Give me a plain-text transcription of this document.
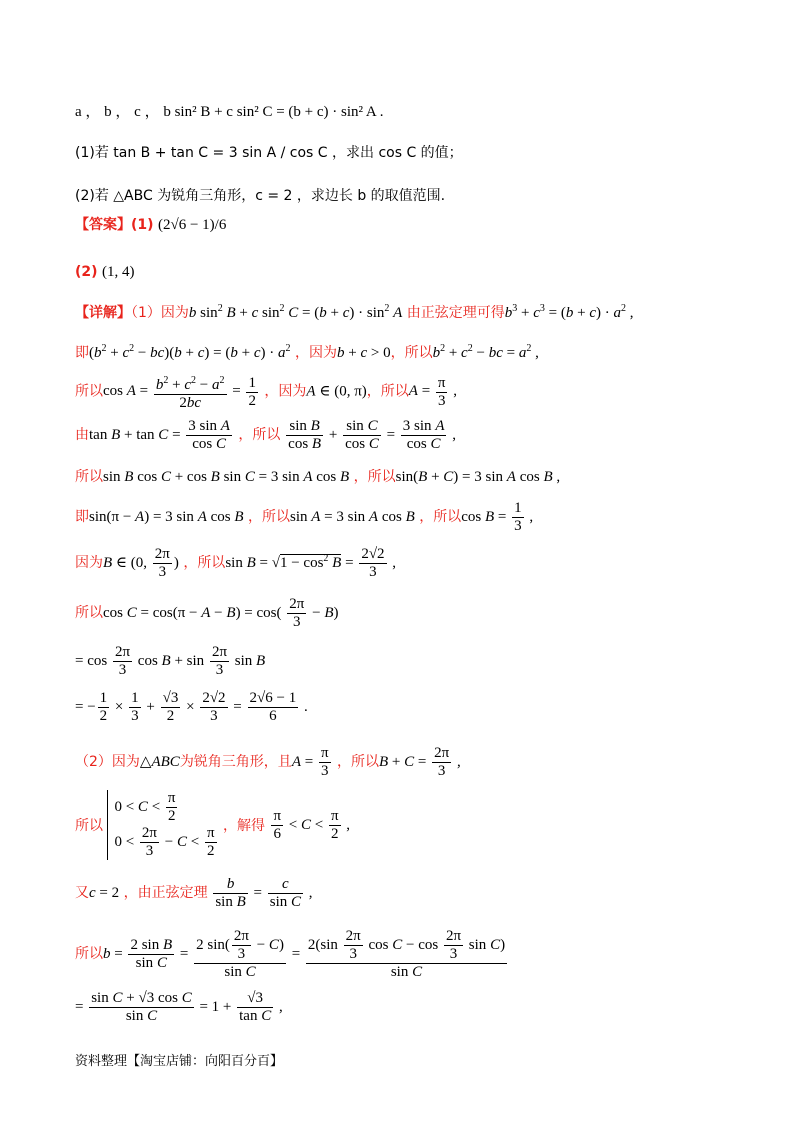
a ， b ， c ， b sin² B + c sin² C = (b + c) · sin² A .
(1)若 tan B + tan C = 3 sin A / cos C ，求出 cos C 的值；
(2)若 △ABC 为锐角三角形，c = 2 ，求边长 b 的取值范围.
【答案】(1) (2√6 − 1)/6
(2) (1, 4)
【详解】（1）因为b $\sin^2 B + c$ $\sin^2 C = (b + c) \cdot \sin^2 A$ 由正弦定理可得$b^3 + c^3 = (b + c) \cdot a^2$ ,
即$(b^2 + c^2 - bc)(b + c) = (b + c) \cdot a^2$ ，因为b + c > 0，所以$b^2 + c^2$ − bc = $a^2$ ,
所以$\cos A = \frac{b^2 + c^2 - a^2}{2bc} = \frac{1}{2}$ ，因为A ∈ (0, π)，所以$A = \frac{\pi}{3}$ ,
由$\tan B + \tan C = \frac{\text{3 sin A}}{\text{cos C}}$ ，所以 $\frac{\text{sin B}}{\text{cos B}} + \frac{\text{sin C}}{\text{cos C}} = \frac{\text{3 sin A}}{\text{cos C}}$ ,
所以sin B cos C + cos B sin C = 3 sin A cos B ，所以sin(B + C) = 3 sin A cos B ,
即sin(π − A) = 3 sin A cos B ，所以sin A = 3 sin A cos B ，所以$\cos B = \frac{1}{3}$ ,
因为B ∈ (0, $\frac{2\pi}{3}$ ) ，所以$\sin B = √1 - \cos^2 B = \frac{2√2}{3}$ ,
所以$\cos C = \cos(\pi - A - B) = \cos( \frac{2\pi}{3} - B)$
= $\cos \frac{2\pi}{3}$ $\cos B + \sin \frac{2\pi}{3}$ sin B
= − $\frac{1}{2} \times \frac{1}{3} + \frac{√3}{2} \times \frac{2√2}{3} = \frac{2√6 - 1}{6}$ .
（2）因为△ABC为锐角三角形，且$A = \frac{\pi}{3}$ ，所以$B + C = \frac{2\pi}{3}$ ,
所以 $0 < C < \frac{\pi}{2}$

$0 < \frac{2\pi}{3} - C < \frac{\pi}{2}$ ，解得 $\frac{\pi}{6} < C < \frac{\pi}{2}$ ,
又c = 2 ，由正弦定理 $\frac{b}{\text{sin B}} = \frac{c}{\text{sin C}}$ ,
所以$b = \frac{\text{2 sin B}}{\text{sin C}} = \frac{2 \sin( \frac{2\pi}{3} - C)}{\text{sin C}} = \frac{2(\sin \frac{2\pi}{3} \cos C - \cos \frac{2\pi}{3} \sin C)}{\text{sin C}}$
= $\frac{\text{sin C + √3 cos C}}{\text{sin C}} = 1 + \frac{√3}{\text{tan C}}$ ,
资料整理【淘宝店铺：向阳百分百】
